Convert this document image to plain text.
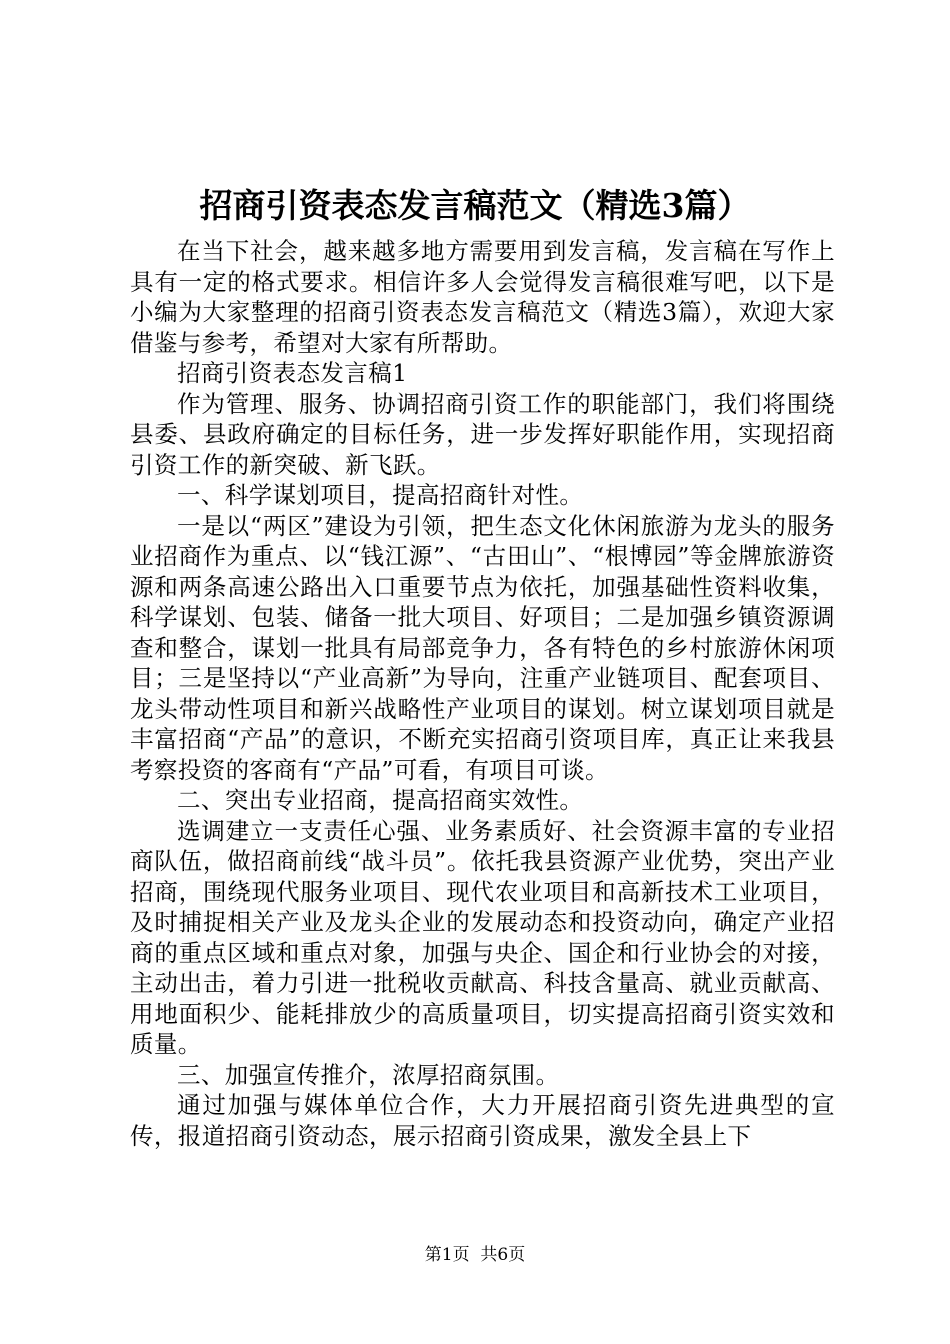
招商引资表态发言稿范文（精选3篇）

在当下社会，越来越多地方需要用到发言稿，发言稿在写作上具有一定的格式要求。相信许多人会觉得发言稿很难写吧，以下是小编为大家整理的招商引资表态发言稿范文（精选3篇），欢迎大家借鉴与参考，希望对大家有所帮助。

招商引资表态发言稿1

作为管理、服务、协调招商引资工作的职能部门，我们将围绕县委、县政府确定的目标任务，进一步发挥好职能作用，实现招商引资工作的新突破、新飞跃。

一、科学谋划项目，提高招商针对性。

一是以“两区”建设为引领，把生态文化休闲旅游为龙头的服务业招商作为重点、以“钱江源”、“古田山”、“根博园”等金牌旅游资源和两条高速公路出入口重要节点为依托，加强基础性资料收集，科学谋划、包装、储备一批大项目、好项目；二是加强乡镇资源调查和整合，谋划一批具有局部竞争力，各有特色的乡村旅游休闲项目；三是坚持以“产业高新”为导向，注重产业链项目、配套项目、龙头带动性项目和新兴战略性产业项目的谋划。树立谋划项目就是丰富招商“产品”的意识，不断充实招商引资项目库，真正让来我县考察投资的客商有“产品”可看，有项目可谈。

二、突出专业招商，提高招商实效性。

选调建立一支责任心强、业务素质好、社会资源丰富的专业招商队伍，做招商前线“战斗员”。依托我县资源产业优势，突出产业招商，围绕现代服务业项目、现代农业项目和高新技术工业项目，及时捕捉相关产业及龙头企业的发展动态和投资动向，确定产业招商的重点区域和重点对象，加强与央企、国企和行业协会的对接，主动出击，着力引进一批税收贡献高、科技含量高、就业贡献高、用地面积少、能耗排放少的高质量项目，切实提高招商引资实效和质量。

三、加强宣传推介，浓厚招商氛围。

通过加强与媒体单位合作，大力开展招商引资先进典型的宣传，报道招商引资动态，展示招商引资成果，激发全县上下

第1页  共6页
